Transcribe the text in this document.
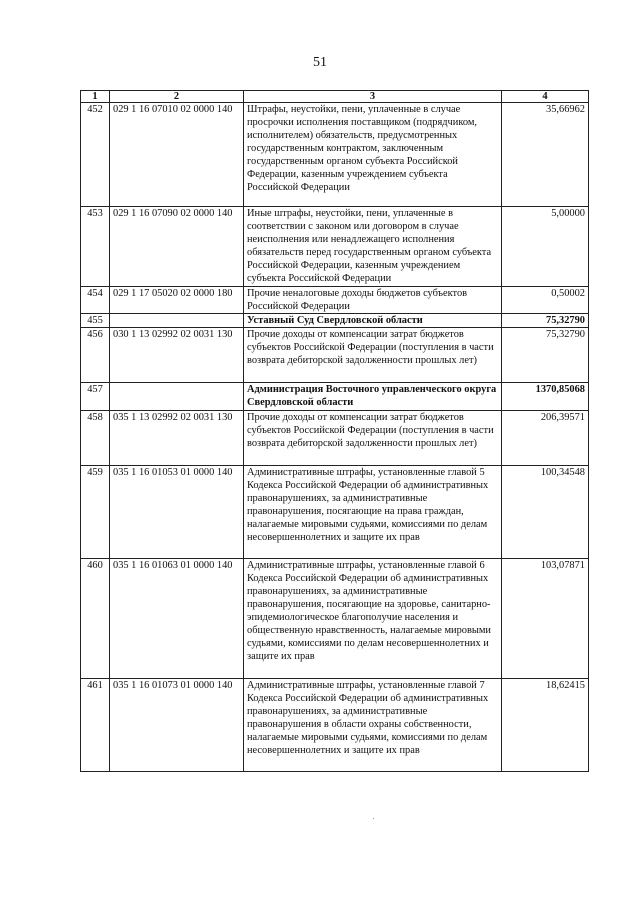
51
1	2	3	4
452	029 1 16 07010 02 0000 140	Штрафы, неустойки, пени, уплаченные в случае просрочки исполнения поставщиком (подрядчиком, исполнителем) обязательств, предусмотренных государственным контрактом, заключенным государственным органом субъекта Российской Федерации, казенным учреждением субъекта Российской Федерации	35,66962
453	029 1 16 07090 02 0000 140	Иные штрафы, неустойки, пени, уплаченные в соответствии с законом или договором в случае неисполнения или ненадлежащего исполнения обязательств перед государственным органом субъекта Российской Федерации, казенным учреждением субъекта Российской Федерации	5,00000
454	029 1 17 05020 02 0000 180	Прочие неналоговые доходы бюджетов субъектов Российской Федерации	0,50002
455		Уставный Суд Свердловской области	75,32790
456	030 1 13 02992 02 0031 130	Прочие доходы от компенсации затрат бюджетов субъектов Российской Федерации (поступления в части возврата дебиторской задолженности прошлых лет)	75,32790
457		Администрация Восточного управленческого округа Свердловской области	1370,85068
458	035 1 13 02992 02 0031 130	Прочие доходы от компенсации затрат бюджетов субъектов Российской Федерации (поступления в части возврата дебиторской задолженности прошлых лет)	206,39571
459	035 1 16 01053 01 0000 140	Административные штрафы, установленные главой 5 Кодекса Российской Федерации об административных правонарушениях, за административные правонарушения, посягающие на права граждан, налагаемые мировыми судьями, комиссиями по делам несовершеннолетних и защите их прав	100,34548
460	035 1 16 01063 01 0000 140	Административные штрафы, установленные главой 6 Кодекса Российской Федерации об административных правонарушениях, за административные правонарушения, посягающие на здоровье, санитарно-эпидемиологическое благополучие населения и общественную нравственность, налагаемые мировыми судьями, комиссиями по делам несовершеннолетних и защите их прав	103,07871
461	035 1 16 01073 01 0000 140	Административные штрафы, установленные главой 7 Кодекса Российской Федерации об административных правонарушениях, за административные правонарушения в области охраны собственности, налагаемые мировыми судьями, комиссиями по делам несовершеннолетних и защите их прав	18,62415
